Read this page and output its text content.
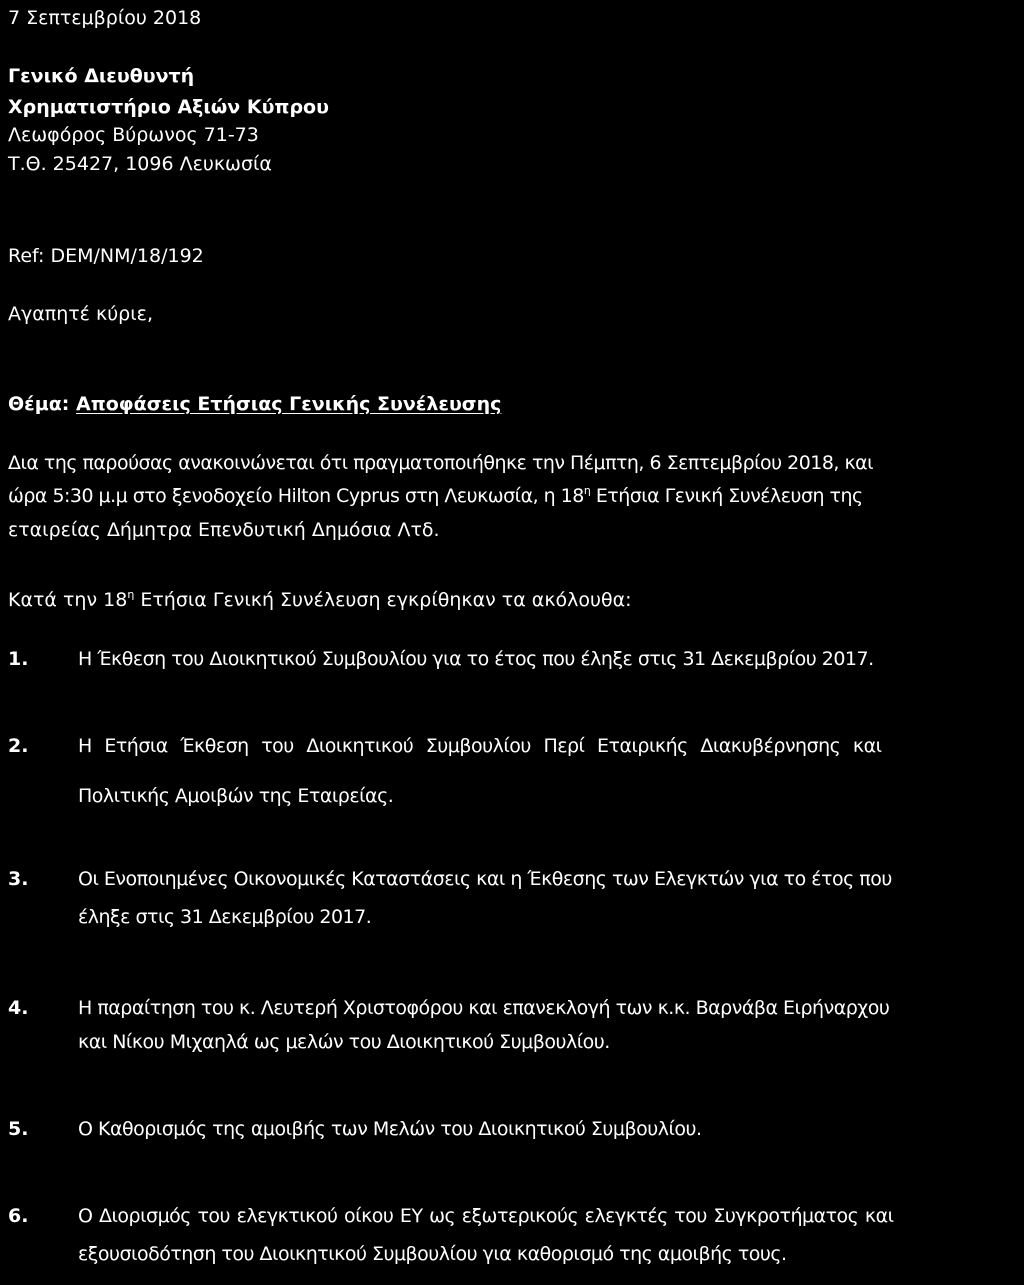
7 Σεπτεμβρίου 2018
Γενικό Διευθυντή
Χρηματιστήριο Αξιών Κύπρου
Λεωφόρος Βύρωνος 71-73
Τ.Θ. 25427, 1096 Λευκωσία
Ref: DEM/NM/18/192
Αγαπητέ κύριε,
Θέμα: Αποφάσεις Ετήσιας Γενικής Συνέλευσης
Δια της παρούσας ανακοινώνεται ότι πραγματοποιήθηκε την Πέμπτη, 6 Σεπτεμβρίου 2018, και
ώρα 5:30 μ.μ στο ξενοδοχείο Hilton Cyprus στη Λευκωσία, η $18^\eta$ Ετήσια Γενική Συνέλευση της
εταιρείας Δήμητρα Επενδυτική Δημόσια Λτδ.
Κατά την $18^\eta$ Ετήσια Γενική Συνέλευση εγκρίθηκαν τα ακόλουθα:
1.	Η Έκθεση του Διοικητικού Συμβουλίου για το έτος που έληξε στις 31 Δεκεμβρίου 2017.
2.	Η Ετήσια Έκθεση του Διοικητικού Συμβουλίου Περί Εταιρικής Διακυβέρνησης και
Πολιτικής Αμοιβών της Εταιρείας.
3.	Οι Ενοποιημένες Οικονομικές Καταστάσεις και η Έκθεσης των Ελεγκτών για το έτος που
έληξε στις 31 Δεκεμβρίου 2017.
4.	Η παραίτηση του κ. Λευτερή Χριστοφόρου και επανεκλογή των κ.κ. Βαρνάβα Ειρήναρχου
και Νίκου Μιχαηλά ως μελών του Διοικητικού Συμβουλίου.
5.	Ο Καθορισμός της αμοιβής των Μελών του Διοικητικού Συμβουλίου.
6.	Ο Διορισμός του ελεγκτικού οίκου ΕΥ ως εξωτερικούς ελεγκτές του Συγκροτήματος και
εξουσιοδότηση του Διοικητικού Συμβουλίου για καθορισμό της αμοιβής τους.
